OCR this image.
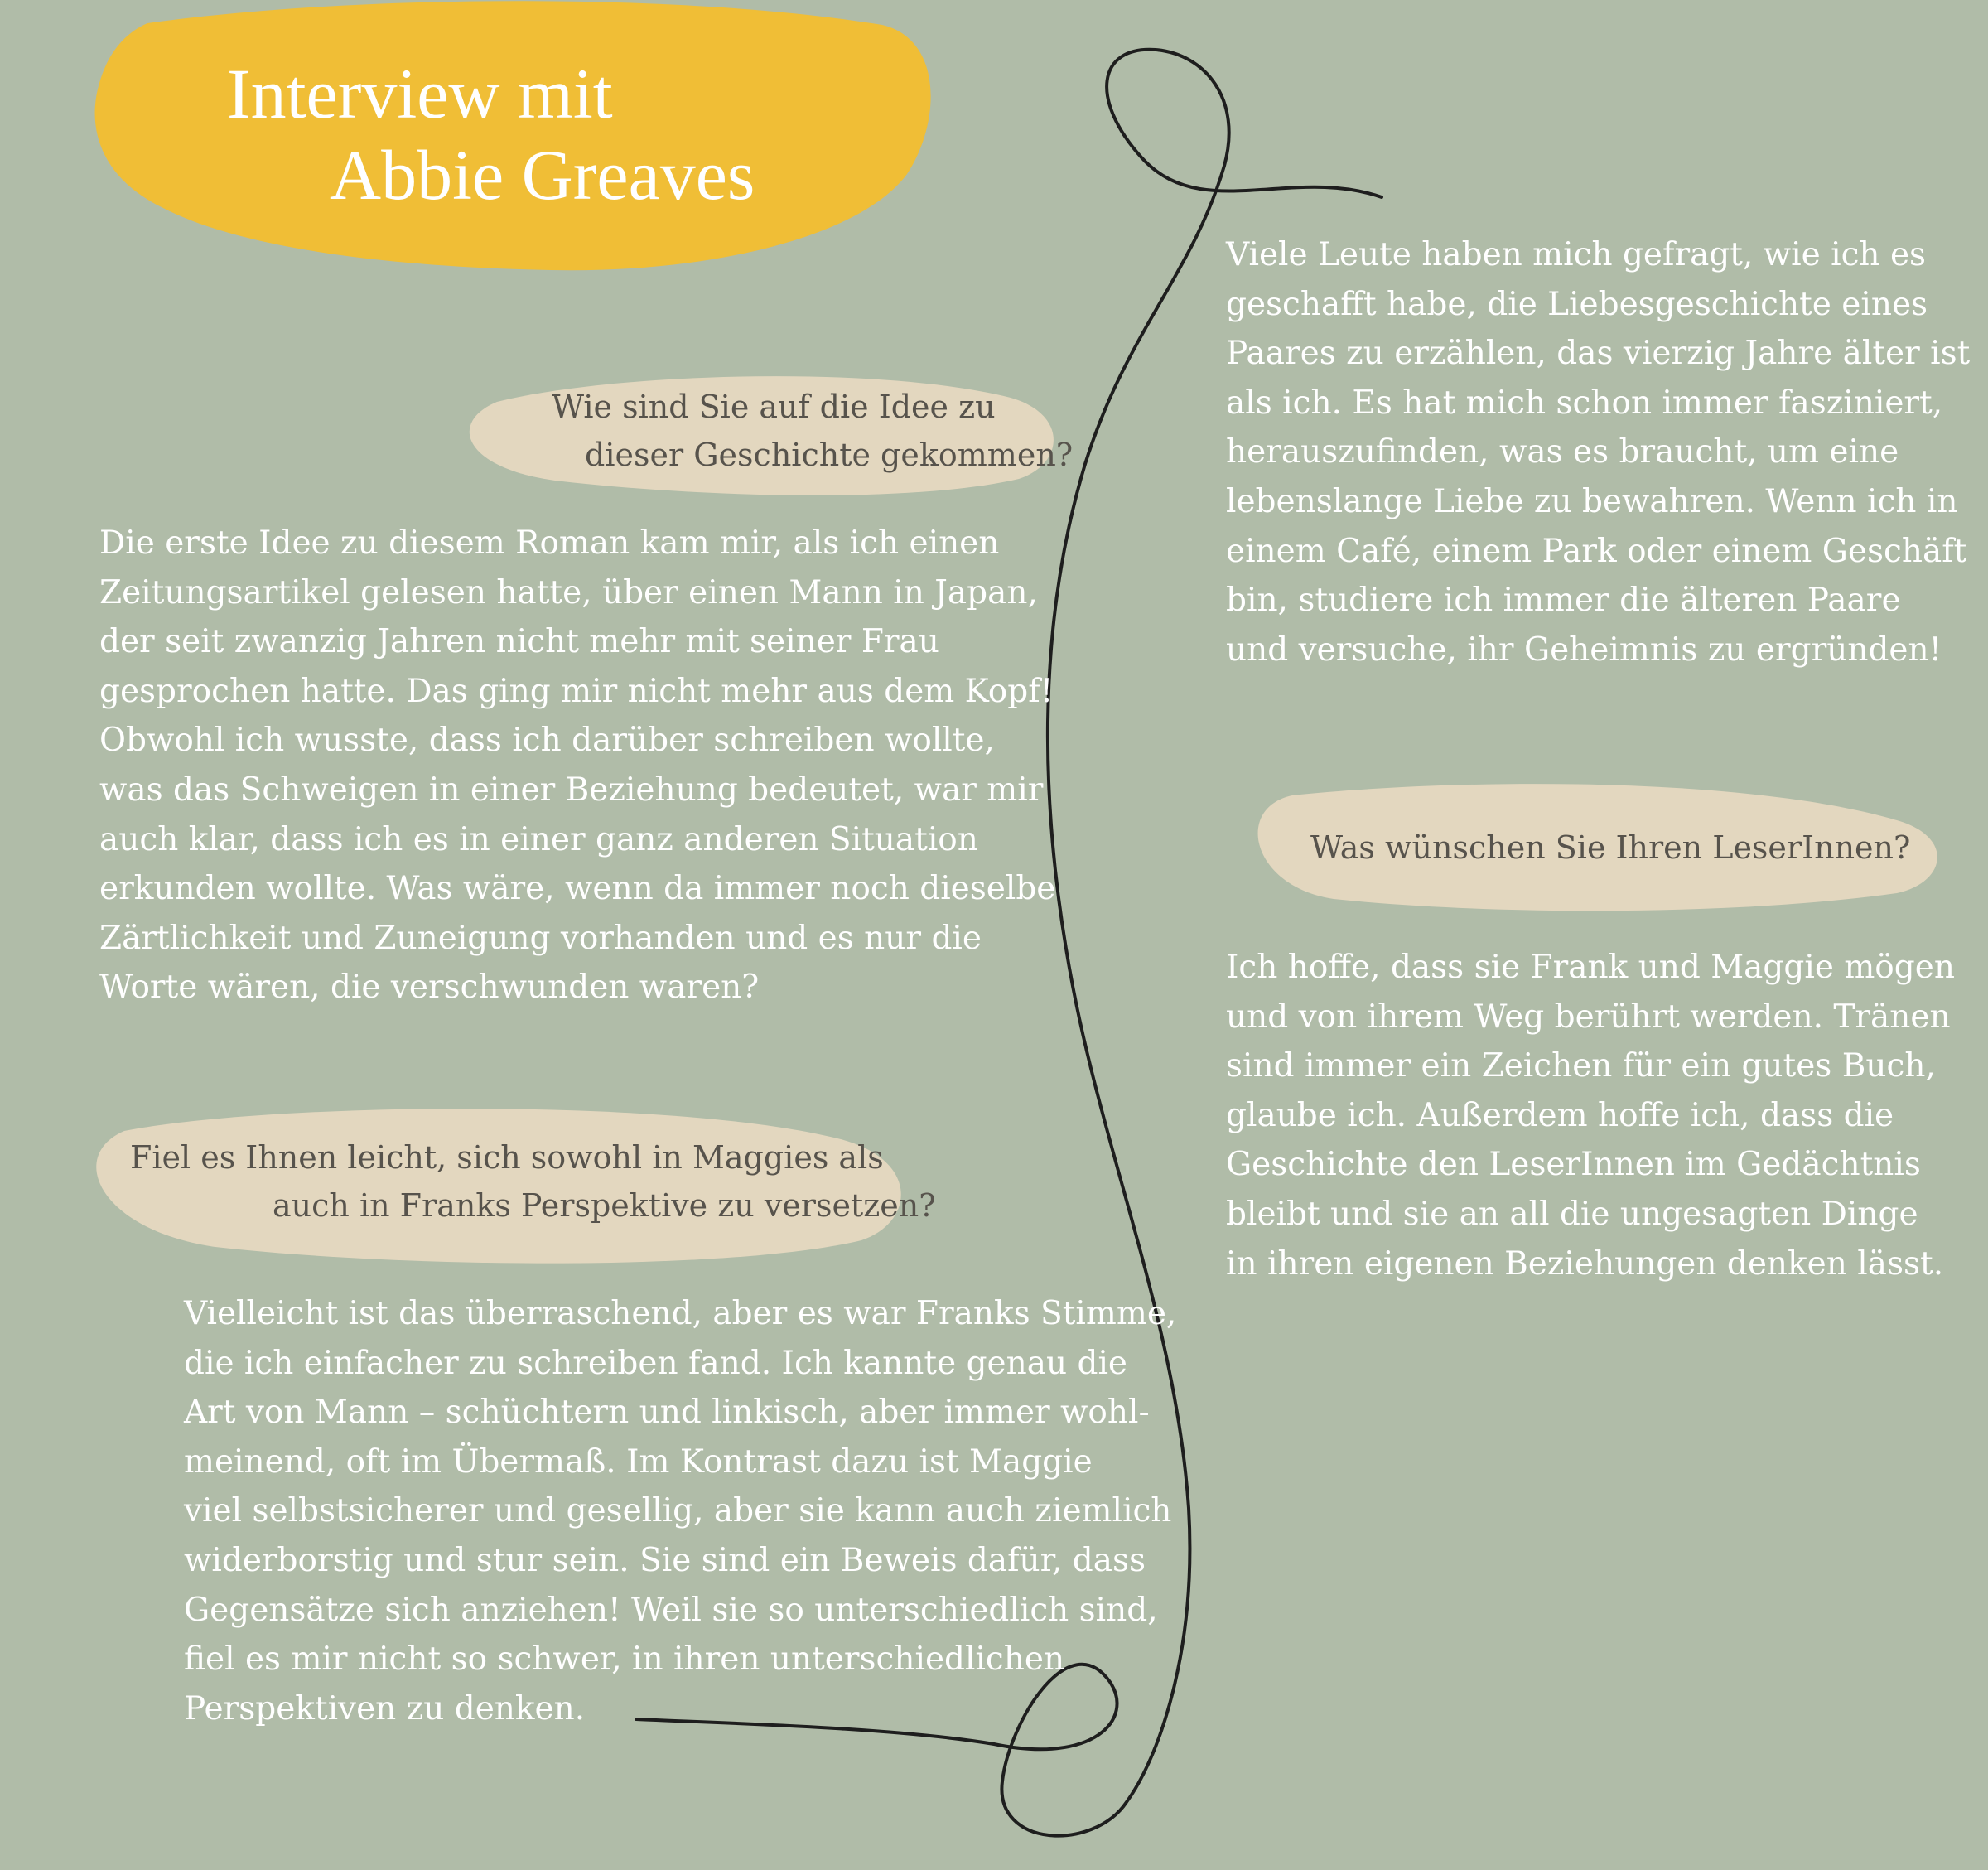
Interview mit
Abbie Greaves
Wie sind Sie auf die Idee zu
dieser Geschichte gekommen?
Die erste Idee zu diesem Roman kam mir, als ich einen
Zeitungsartikel gelesen hatte, über einen Mann in Japan,
der seit zwanzig Jahren nicht mehr mit seiner Frau
gesprochen hatte. Das ging mir nicht mehr aus dem Kopf!
Obwohl ich wusste, dass ich darüber schreiben wollte,
was das Schweigen in einer Beziehung bedeutet, war mir
auch klar, dass ich es in einer ganz anderen Situation
erkunden wollte. Was wäre, wenn da immer noch dieselbe
Zärtlichkeit und Zuneigung vorhanden und es nur die
Worte wären, die verschwunden waren?
Fiel es Ihnen leicht, sich sowohl in Maggies als
auch in Franks Perspektive zu versetzen?
Vielleicht ist das überraschend, aber es war Franks Stimme,
die ich einfacher zu schreiben fand. Ich kannte genau die
Art von Mann – schüchtern und linkisch, aber immer wohl-
meinend, oft im Übermaß. Im Kontrast dazu ist Maggie
viel selbstsicherer und gesellig, aber sie kann auch ziemlich
widerborstig und stur sein. Sie sind ein Beweis dafür, dass
Gegensätze sich anziehen! Weil sie so unterschiedlich sind,
fiel es mir nicht so schwer, in ihren unterschiedlichen
Perspektiven zu denken.
Viele Leute haben mich gefragt, wie ich es
geschafft habe, die Liebesgeschichte eines
Paares zu erzählen, das vierzig Jahre älter ist
als ich. Es hat mich schon immer fasziniert,
herauszufinden, was es braucht, um eine
lebenslange Liebe zu bewahren. Wenn ich in
einem Café, einem Park oder einem Geschäft
bin, studiere ich immer die älteren Paare
und versuche, ihr Geheimnis zu ergründen!
Was wünschen Sie Ihren LeserInnen?
Ich hoffe, dass sie Frank und Maggie mögen
und von ihrem Weg berührt werden. Tränen
sind immer ein Zeichen für ein gutes Buch,
glaube ich. Außerdem hoffe ich, dass die
Geschichte den LeserInnen im Gedächtnis
bleibt und sie an all die ungesagten Dinge
in ihren eigenen Beziehungen denken lässt.
